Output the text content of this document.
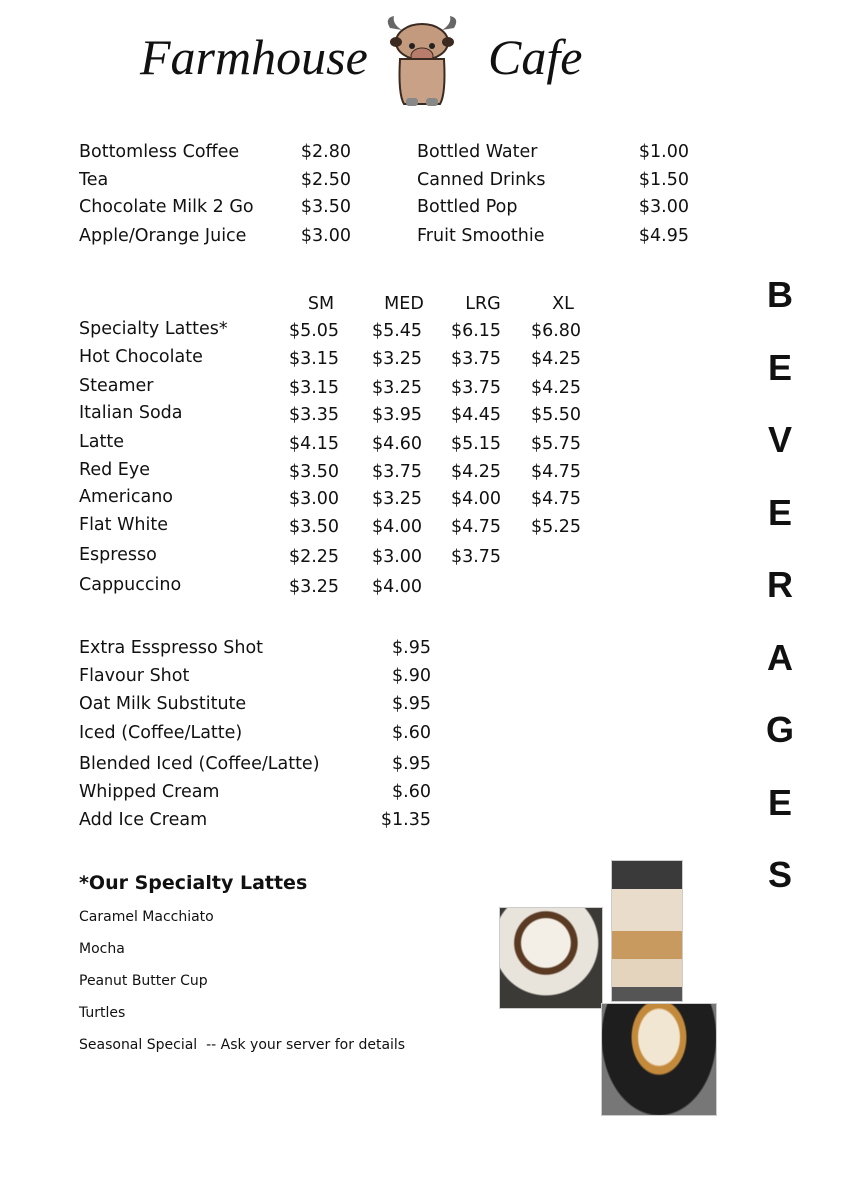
Farmhouse Cafe
Bottomless Coffee	$2.80
Tea	$2.50
Chocolate Milk 2 Go	$3.50
Apple/Orange Juice	$3.00
Bottled Water	$1.00
Canned Drinks	$1.50
Bottled Pop	$3.00
Fruit Smoothie	$4.95
SM	MED	LRG	XL
Specialty Lattes*	$5.05	$5.45	$6.15	$6.80
Hot Chocolate	$3.15	$3.25	$3.75	$4.25
Steamer	$3.15	$3.25	$3.75	$4.25
Italian Soda	$3.35	$3.95	$4.45	$5.50
Latte	$4.15	$4.60	$5.15	$5.75
Red Eye	$3.50	$3.75	$4.25	$4.75
Americano	$3.00	$3.25	$4.00	$4.75
Flat White	$3.50	$4.00	$4.75	$5.25
Espresso	$2.25	$3.00	$3.75
Cappuccino	$3.25	$4.00
Extra Esspresso Shot	$.95
Flavour Shot	$.90
Oat Milk Substitute	$.95
Iced (Coffee/Latte)	$.60
Blended Iced (Coffee/Latte)	$.95
Whipped Cream	$.60
Add Ice Cream	$1.35
*Our Specialty Lattes
Caramel Macchiato
Mocha
Peanut Butter Cup
Turtles
Seasonal Special  -- Ask your server for details
B
E
V
E
R
A
G
E
S
